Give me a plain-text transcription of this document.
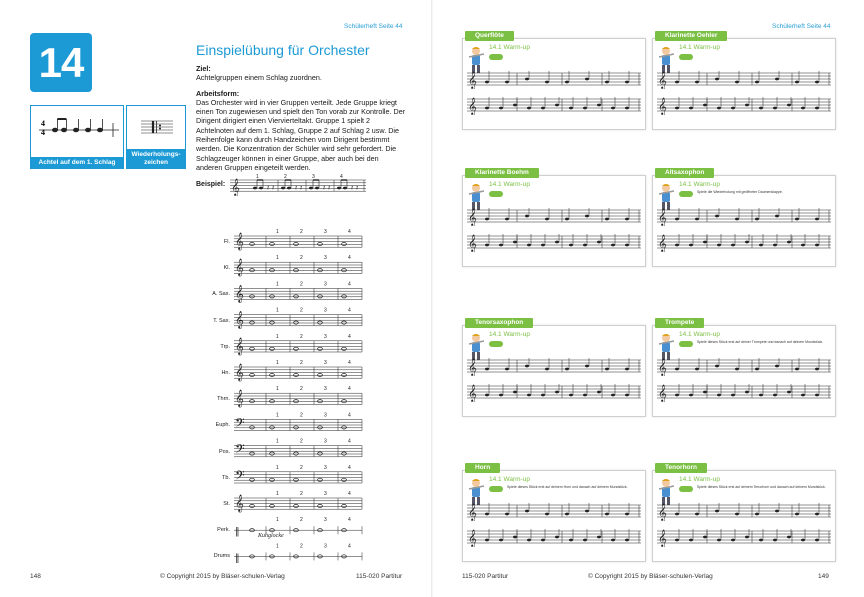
Schülerheft Seite 44
14
4
4
Achtel auf dem 1. Schlag
Wiederholungs-zeichen
Einspielübung für Orchester
Ziel:
Achtelgruppen einem Schlag zuordnen.
Arbeitsform:
Das Orchester wird in vier Gruppen verteilt. Jede Gruppe kriegt einen Ton zugewiesen und spielt den Ton vorab zur Kontrolle. Der Dirigent dirigiert einen Viervierteltakt. Gruppe 1 spielt 2 Achtelnoten auf dem 1. Schlag, Gruppe 2 auf Schlag 2 usw. Die Reihenfolge kann durch Handzeichen vom Dirigent bestimmt werden. Die Konzentration der Schüler wird sehr gefordert. Die Schlagzeuger können in einer Gruppe, aber auch bei den anderen Gruppen eingeteilt werden.
Beispiel: 𝄞
1
𝄽 𝄽
2
𝄽 𝄽
3
𝄽 𝄽
4
𝄽 𝄽
Fl.
Kl.
A. Sax.
T. Sax.
Trp.
Hn.
Thrn.
Euph.
Pos.
Tb.
St.
Perk.
Kuhglocke
Drums
𝄞	1	2	3	4
𝄞
1	2	3	4
𝄞	1	2	3	4
𝄞	1	2	3	4
𝄞	1	2	3	4
𝄞	1	2	3	4
𝄞	1	2	3	4
𝄢	1	2	3	4
𝄢	1	2	3	4
𝄢	1	2	3	4
𝄞	1	2	3	4
‖
1	2	3	4
‖
1	2	3	4
148	© Copyright 2015 by Bläser-schulen-Verlag	115-020 Partitur
Schülerheft Seite 44
Querflöte
14.1 Warm-up
𝄞
𝄞
Klarinette Oehler
14.1 Warm-up
𝄞
𝄞
Klarinette Boehm
14.1 Warm-up
𝄞
𝄞
Altsaxophon
14.1 Warm-up
Spiele die Wiederholung mit geöffneter Daumenklappe.
𝄞
𝄞
Tenorsaxophon
14.1 Warm-up
𝄞
𝄞
Trompete
14.1 Warm-up
Spiele dieses Stück erst auf deiner Trompete und danach auf deinem Mundstück.
𝄞
𝄞
Horn
14.1 Warm-up
Spiele dieses Stück erst auf deinem Horn und danach auf deinem Mundstück.
𝄞
𝄞
Tenorhorn
14.1 Warm-up
Spiele dieses Stück erst auf deinem Tenorhorn und danach auf deinem Mundstück.
𝄞
𝄞
115-020 Partitur	© Copyright 2015 by Bläser-schulen-Verlag	149
